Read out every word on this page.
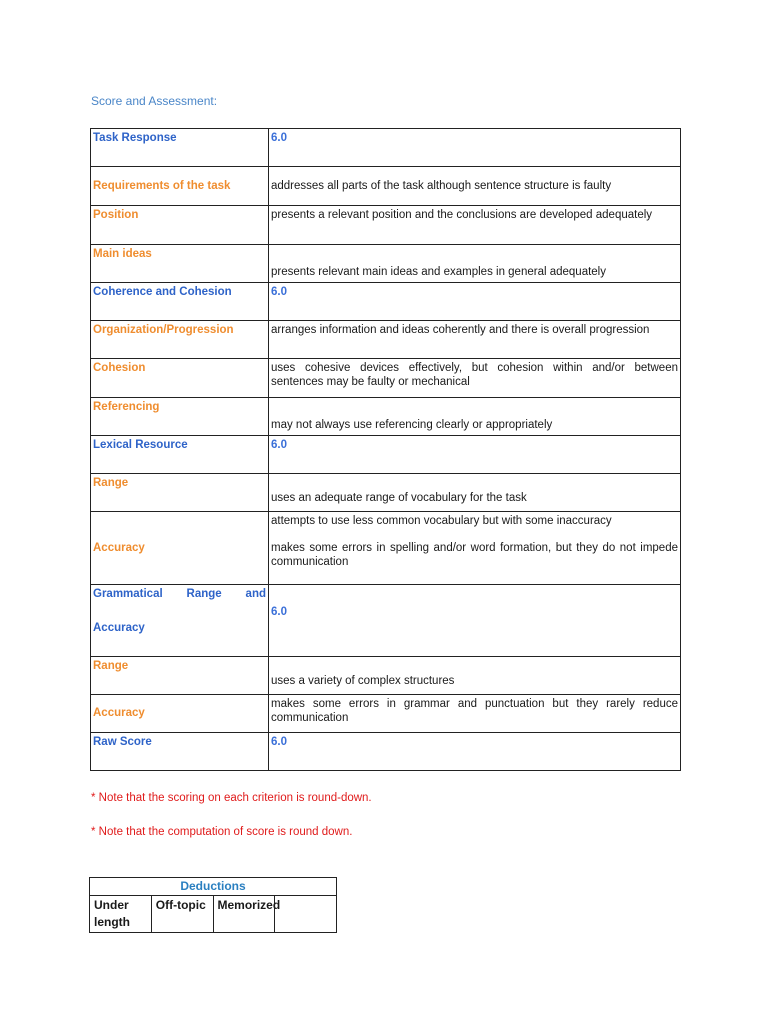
Score and Assessment:
Task Response	6.0
Requirements of the task	addresses all parts of the task although sentence structure is faulty
Position	presents a relevant position and the conclusions are developed adequately
Main ideas	presents relevant main ideas and examples in general adequately
Coherence and Cohesion	6.0
Organization/Progression	arranges information and ideas coherently and there is overall progression
Cohesion	uses cohesive devices effectively, but cohesion within and/or between sentences may be faulty or mechanical
Referencing	may not always use referencing clearly or appropriately
Lexical Resource	6.0
Range	uses an adequate range of vocabulary for the task
Accuracy	attempts to use less common vocabulary but with some inaccuracy
makes some errors in spelling and/or word formation, but they do not impede communication

Grammatical Range and
Accuracy	6.0
Range	uses a variety of complex structures
Accuracy	makes some errors in grammar and punctuation but they rarely reduce communication
Raw Score	6.0
* Note that the scoring on each criterion is round-down.
* Note that the computation of score is round down.
Deductions
Under length	Off-topic	Memorized	
